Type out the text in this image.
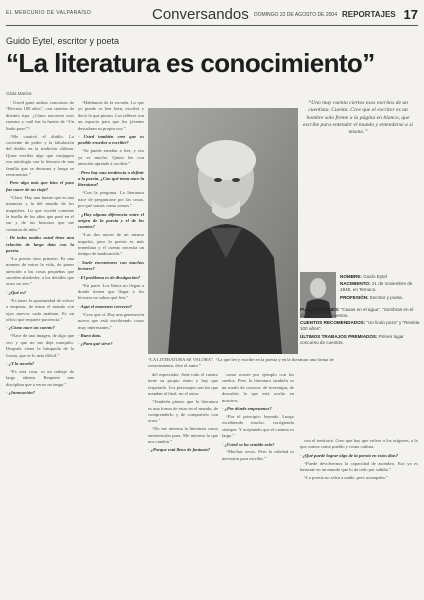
EL MERCURIO DE VALPARAÍSO	Conversandos DOMINGO 22 DE AGOSTO DE 2004 REPORTAJES 17
Guido Eytel, escritor y poeta
“La literatura es conocimiento”
Gilda Marina

- Usted ganó ambos concursos de “Revista 100 años”, con cuentos de distinto tipo. ¿Cómo nacieron esos cuentos y cuál fue la fuente de “Un lindo pozo”?

“Me cautivó el diablo. La corriente de poder y la fabulación del diablo en la tradición chilena. Quise escribir algo que conjugara esa mitología con la historia de una familia que se desarma y luego se reencuentra.”

- Pero algo más que hizo el pozo fue nacer de un viaje?

“Claro. Hay una fuente que es una memoria y la del mundo de los mapuches. Lo que escribí contiene la huella de los años que pasé en el sur y de las historias que me contaron de niño.”

- De todos modos usted tiene una relación de larga data con la poesía.

“La poesía vino primero. Es una manera de mirar la vida, de poner atención a las cosas pequeñas que suceden alrededor, a los detalles que otros no ven.”

- ¿Qué es?

“Es tener la oportunidad de volver a empezar, de mirar el mundo con ojos nuevos cada mañana. Es un oficio que requiere paciencia.”

- ¿Cómo nace un cuento?

“Nace de una imagen, de algo que veo y que no me deja tranquilo. Después viene la búsqueda de la forma, que es lo más difícil.”

- ¿Y la novela?

“Es otra cosa, es un trabajo de largo aliento. Requiere una disciplina que a veces no tengo.”

- ¿Innovación?

“Hablamos de la escuela. Lo que yo puedo es leer bien, escribir y decir lo que pienso. Los talleres son un espacio para que los jóvenes descubran su propia voz.”

- Usted también cree que es posible enseñar a escribir?

“Se puede enseñar a leer, y eso ya es mucho. Quien lee con atención aprende a escribir.”

- Pero hay una tendencia a definir a la poesía. ¿Con qué tema nace la literatura?

“Con la pregunta. La literatura nace de preguntarse por las cosas, por qué somos como somos.”

- ¿Hay alguna diferencia entre el origen de la poesía y el de los cuentos?

“Las dos nacen de un mismo impulso, pero la poesía es más inmediata y el cuento necesita un tiempo de maduración.”

- Suele encontrarse con muchos lectores?

- El problema es de divulgación?

“En parte. Los libros no llegan a donde tienen que llegar y los lectores no saben qué leer.”

- Aquí el momento correcto?

“Creo que sí. Hay una generación nueva que está escribiendo cosas muy interesantes.”

- Buen dato.

- ¿Para qué sirve?

“LA LITERATURA SE VALORA”. “La que lee y escribe en la poesía y en la literatura una forma de conocimiento, dice el autor.”
“Uno muy cuenta ciertos esos escritos de un cuentista. Cuenta. Cree que el escritor es un hombre solo frente a la página en blanco, que escribe para entender el mundo y entenderse a sí mismo.”

del espectador. Ante todo el cuento tiene su propio ritmo y hay que respetarlo. Los personajes son los que mandan al final, no el autor.

“También pienso que la literatura es una forma de estar en el mundo, de comprenderlo y de compartirlo con otros.”

“No me interesa la literatura como entretención pura. Me interesa la que nos cambia.”

- ¿Porque está lleno de fantasía?

como ocurre por ejemplo con los sueños. Pero la literatura también es un modo de conocer, de investigar, de descubrir lo que está oculto en nosotros.

- ¿Por dónde empezamos?

“Por el principio: leyendo. Luego escribiendo mucho, corrigiendo siempre. Y aceptando que el camino es largo.”

- ¿Usted se ha sentido solo?

“Muchas veces. Pero la soledad es necesaria para escribir.”

con el territorio. Creo que hay que volver a los orígenes, a lo que somos como pueblo y como cultura.

- ¿Qué puede lograr algo de la poesía en estos días?

“Puede devolvernos la capacidad de asombro. Eso ya es bastante en un mundo que lo da todo por sabido.”

“La poesía no salva a nadie, pero acompaña.”

NOMBRE: Guido Eytel

NACIMIENTO: 21 de noviembre de 1945, en Temuco.

PROFESIÓN: Escritor y poeta.

PUBLICACIONES: “Casas en el agua”, “Sombras en el día”, novelas y cuentos.

CUENTOS RECOMENDADOS: “Un lindo pozo” y “Revista 100 años”.

ÚLTIMOS TRABAJOS PREMIADOS: Primer lugar concurso de cuentos.
